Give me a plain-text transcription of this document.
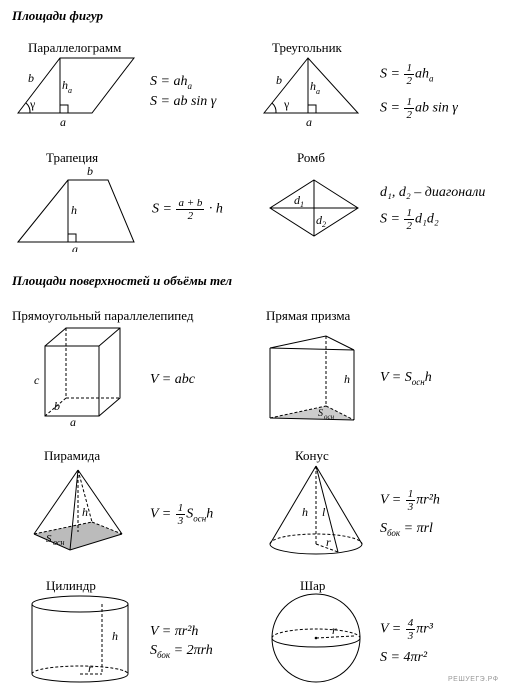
Площади фигур
Площади поверхностей и объёмы тел
Параллелограмм
b h a
γ
a
$S = ah_a$
S = ab sin γ
Треугольник
b h a
γ
a
$S = \frac{1}{2} ah_a$
$S = \frac{1}{2}$ ab sin γ
Трапеция
b
h
a
$S = \frac{a + b}{2} \cdot h$
Ромб
d 1
d 2
d₁, d₂ – диагонали
$S = \frac{1}{2} d_1d_2$
Прямоугольный параллелепипед
c
b
a
V = abc
Прямая призма
h
S осн
$V = S_{осн}h$
Пирамида
h
S осн
$V = \frac{1}{3} S_{осн}h$
Конус
h l
r
$V = \frac{1}{3} \pi r^2h$
$S_{бок} = \pi rl$
Цилиндр
h
r
V = πr²h
$S_{бок} = 2\pi rh$
Шар
r	$V = \frac{4}{3} \pi r^3$
S = 4πr²
РЕШУЕГЭ.РФ
